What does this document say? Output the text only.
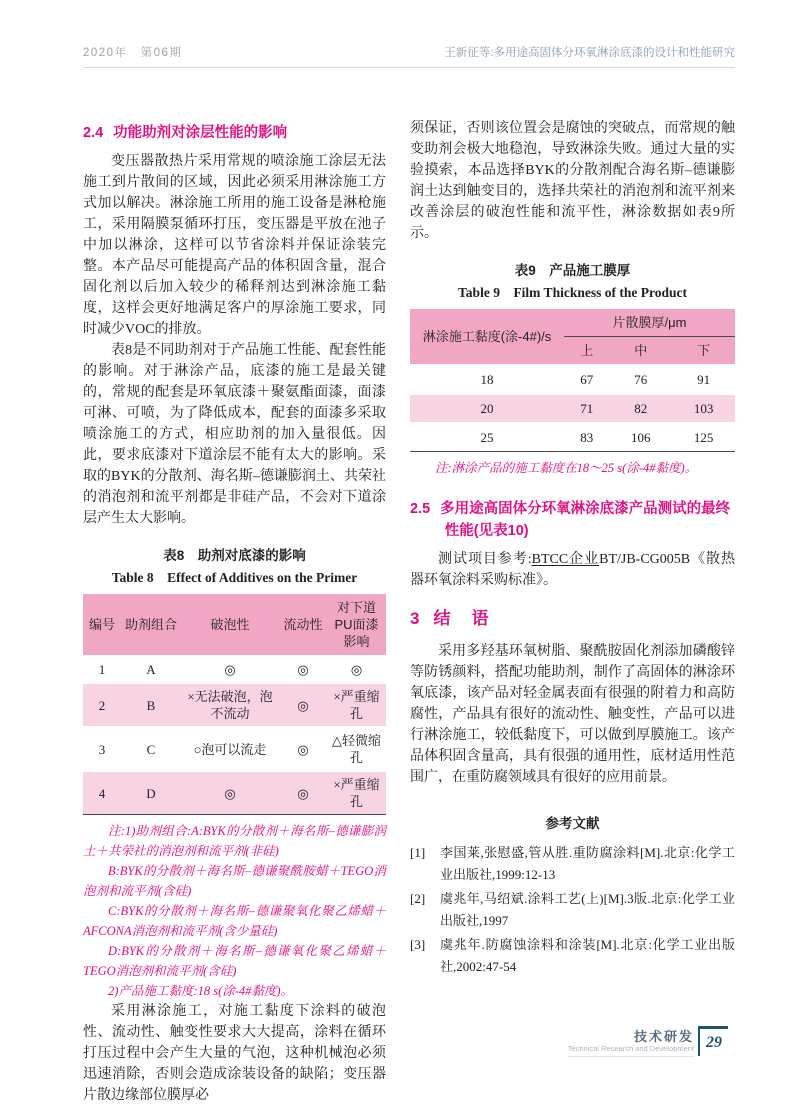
2020年　第06期	王新征等:多用途高固体分环氧淋涂底漆的设计和性能研究
2.4 功能助剂对涂层性能的影响

变压器散热片采用常规的喷涂施工涂层无法施工到片散间的区域，因此必须采用淋涂施工方式加以解决。淋涂施工所用的施工设备是淋枪施工，采用隔膜泵循环打压，变压器是平放在池子中加以淋涂，这样可以节省涂料并保证涂装完整。本产品尽可能提高产品的体积固含量，混合固化剂以后加入较少的稀释剂达到淋涂施工黏度，这样会更好地满足客户的厚涂施工要求，同时减少VOC的排放。

表8是不同助剂对于产品施工性能、配套性能的影响。对于淋涂产品，底漆的施工是最关键的，常规的配套是环氧底漆＋聚氨酯面漆，面漆可淋、可喷，为了降低成本，配套的面漆多采取喷涂施工的方式，相应助剂的加入量很低。因此，要求底漆对下道涂层不能有太大的影响。采取的BYK的分散剂、海名斯–德谦膨润土、共荣社的消泡剂和流平剂都是非硅产品，不会对下道涂层产生太大影响。

表8　助剂对底漆的影响
Table 8　Effect of Additives on the Primer
编号	助剂组合	破泡性	流动性	对下道PU面漆影响
1	A	◎	◎	◎
2	B	×无法破泡，泡不流动	◎	×严重缩孔
3	C	○泡可以流走	◎	△轻微缩孔
4	D	◎	◎	×严重缩孔

注:1)助剂组合:A:BYK的分散剂＋海名斯–德谦膨润土＋共荣社的消泡剂和流平剂(非硅)

B:BYK的分散剂＋海名斯–德谦聚酰胺蜡＋TEGO消泡剂和流平剂(含硅)

C:BYK的分散剂＋海名斯–德谦聚氧化聚乙烯蜡＋AFCONA消泡剂和流平剂(含少量硅)

D:BYK的分散剂＋海名斯–德谦氧化聚乙烯蜡＋TEGO消泡剂和流平剂(含硅)

2)产品施工黏度:18 s(涂-4#黏度)。

采用淋涂施工，对施工黏度下涂料的破泡性、流动性、触变性要求大大提高，涂料在循环打压过程中会产生大量的气泡，这种机械泡必须迅速消除，否则会造成涂装设备的缺陷；变压器片散边缘部位膜厚必

须保证，否则该位置会是腐蚀的突破点，而常规的触变助剂会极大地稳泡，导致淋涂失败。通过大量的实验摸索，本品选择BYK的分散剂配合海名斯–德谦膨润土达到触变目的，选择共荣社的消泡剂和流平剂来改善涂层的破泡性能和流平性，淋涂数据如表9所示。

表9　产品施工膜厚
Table 9　Film Thickness of the Product
淋涂施工黏度(涂-4#)/s	片散膜厚/μm		
	上	中	下
18	67	76	91
20	71	82	103
25	83	106	125

注:淋涂产品的施工黏度在18～25 s(涂-4#黏度)。

2.5 多用途高固体分环氧淋涂底漆产品测试的最终性能(见表10)

测试项目参考:BTCC企业BT/JB-CG005B《散热器环氧涂料采购标准》。

3 结　语

采用多羟基环氧树脂、聚酰胺固化剂添加磷酸锌等防锈颜料，搭配功能助剂，制作了高固体的淋涂环氧底漆，该产品对轻金属表面有很强的附着力和高防腐性，产品具有很好的流动性、触变性，产品可以进行淋涂施工，较低黏度下，可以做到厚膜施工。该产品体积固含量高，具有很强的通用性，底材适用性范围广，在重防腐领域具有很好的应用前景。

参考文献

[1] 李国莱,张慰盛,管从胜.重防腐涂料[M].北京:化学工业出版社,1999:12-13

[2] 虞兆年,马绍斌.涂料工艺(上)[M].3版.北京:化学工业出版社,1997

[3] 虞兆年.防腐蚀涂料和涂装[M].北京:化学工业出版社,2002:47-54

技术研发
Technical Research and Development 29
